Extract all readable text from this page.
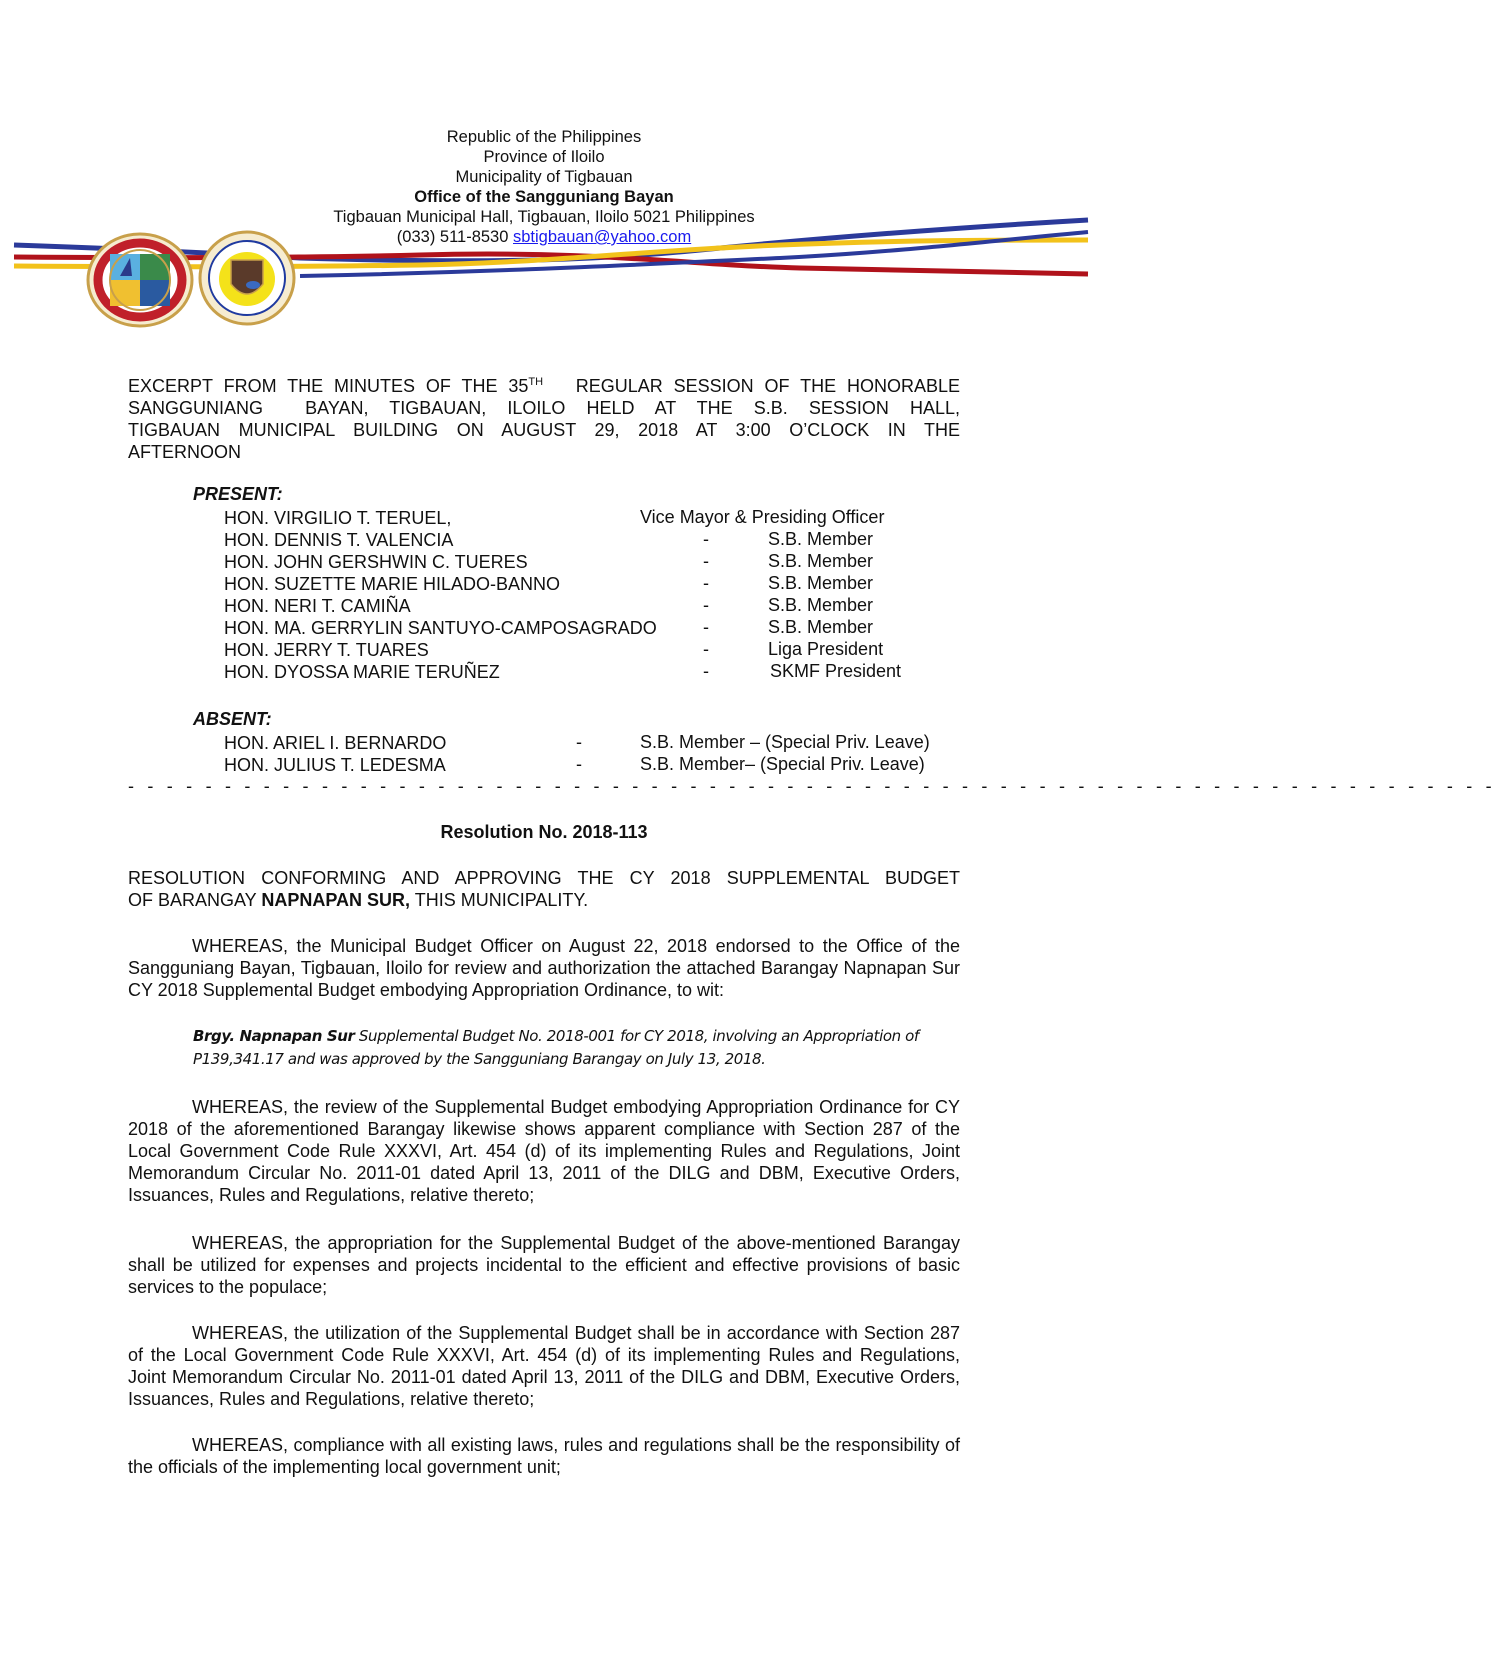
Republic of the Philippines
Province of Iloilo
Municipality of Tigbauan
Office of the Sangguniang Bayan
Tigbauan Municipal Hall, Tigbauan, Iloilo 5021 Philippines
(033) 511-8530 sbtigbauan@yahoo.com
EXCERPT FROM THE MINUTES OF THE 35TH REGULAR SESSION OF THE HONORABLE
SANGGUNIANG  BAYAN, TIGBAUAN, ILOILO HELD AT THE S.B. SESSION HALL,
TIGBAUAN MUNICIPAL BUILDING ON AUGUST 29, 2018 AT 3:00 O’CLOCK IN THE
AFTERNOON
PRESENT:
HON. VIRGILIO T. TERUEL,	Vice Mayor & Presiding Officer
HON. DENNIS T. VALENCIA	-	S.B. Member
HON. JOHN GERSHWIN C. TUERES	-	S.B. Member
HON. SUZETTE MARIE HILADO-BANNO	-	S.B. Member
HON. NERI T. CAMIÑA	-	S.B. Member
HON. MA. GERRYLIN SANTUYO-CAMPOSAGRADO	-	S.B. Member
HON. JERRY T. TUARES	-	Liga President
HON. DYOSSA MARIE TERUÑEZ	-	SKMF President
ABSENT:
HON. ARIEL I. BERNARDO	-	S.B. Member – (Special Priv. Leave)
HON. JULIUS T. LEDESMA	-	S.B. Member– (Special Priv. Leave)
- - - - - - - - - - - - - - - - - - - - - - - - - - - - - - - - - - - - - - - - - - - - - - - - - - - - - - - - - - - - - - - - - - - - - - -
Resolution No. 2018-113
RESOLUTION CONFORMING AND APPROVING THE CY 2018 SUPPLEMENTAL BUDGET
OF BARANGAY NAPNAPAN SUR, THIS MUNICIPALITY.
WHEREAS, the Municipal Budget Officer on August 22, 2018 endorsed to the Office of the Sangguniang Bayan, Tigbauan, Iloilo for review and authorization the attached Barangay Napnapan Sur CY 2018 Supplemental Budget embodying Appropriation Ordinance, to wit:
Brgy. Napnapan Sur Supplemental Budget No. 2018-001 for CY 2018, involving an Appropriation of P139,341.17 and was approved by the Sangguniang Barangay on July 13, 2018.
WHEREAS, the review of the Supplemental Budget embodying Appropriation Ordinance for CY 2018 of the aforementioned Barangay likewise shows apparent compliance with Section 287 of the Local Government Code Rule XXXVI, Art. 454 (d) of its implementing Rules and Regulations, Joint Memorandum Circular No. 2011-01 dated April 13, 2011 of the DILG and DBM, Executive Orders, Issuances, Rules and Regulations, relative thereto;
WHEREAS, the appropriation for the Supplemental Budget of the above-mentioned Barangay shall be utilized for expenses and projects incidental to the efficient and effective provisions of basic services to the populace;
WHEREAS, the utilization of the Supplemental Budget shall be in accordance with Section 287 of the Local Government Code Rule XXXVI, Art. 454 (d) of its implementing Rules and Regulations, Joint Memorandum Circular No. 2011-01 dated April 13, 2011 of the DILG and DBM, Executive Orders, Issuances, Rules and Regulations, relative thereto;
WHEREAS, compliance with all existing laws, rules and regulations shall be the responsibility of the officials of the implementing local government unit;
